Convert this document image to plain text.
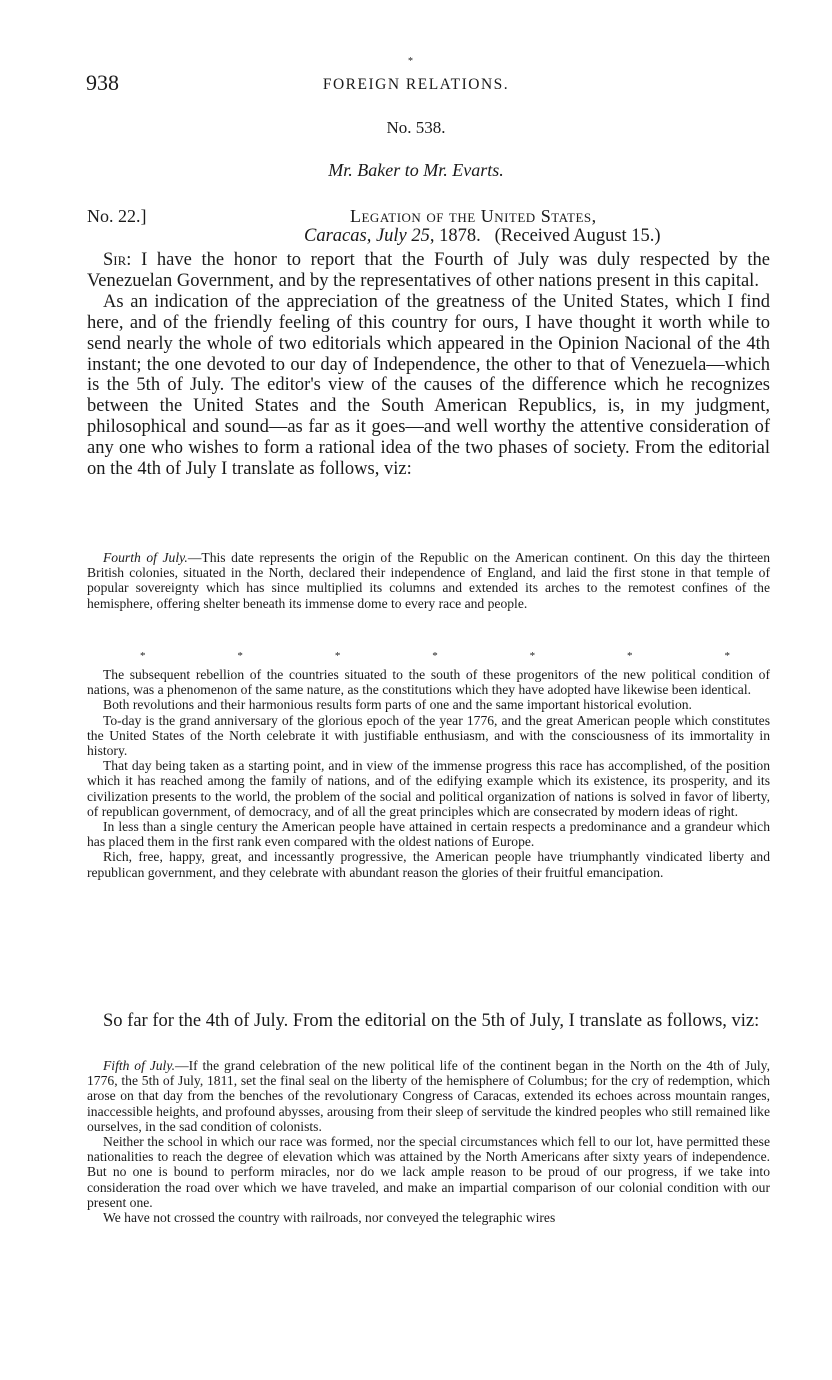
938
*
FOREIGN RELATIONS.
No. 538.
Mr. Baker to Mr. Evarts.
No. 22.]	Legation of the United States,
Caracas, July 25, 1878.   (Received August 15.)

Sir: I have the honor to report that the Fourth of July was duly respected by the Venezuelan Government, and by the representatives of other nations present in this capital.

As an indication of the appreciation of the greatness of the United States, which I find here, and of the friendly feeling of this country for ours, I have thought it worth while to send nearly the whole of two editorials which appeared in the Opinion Nacional of the 4th instant; the one devoted to our day of Independence, the other to that of Venezuela—which is the 5th of July. The editor's view of the causes of the difference which he recognizes between the United States and the South American Republics, is, in my judgment, philosophical and sound—as far as it goes—and well worthy the attentive consideration of any one who wishes to form a rational idea of the two phases of society. From the editorial on the 4th of July I translate as follows, viz:

Fourth of July.—This date represents the origin of the Republic on the American continent. On this day the thirteen British colonies, situated in the North, declared their independence of England, and laid the first stone in that temple of popular sovereignty which has since multiplied its columns and extended its arches to the remotest confines of the hemisphere, offering shelter beneath its immense dome to every race and people.

*	*	*	*	*	*	*

The subsequent rebellion of the countries situated to the south of these progenitors of the new political condition of nations, was a phenomenon of the same nature, as the constitutions which they have adopted have likewise been identical.

Both revolutions and their harmonious results form parts of one and the same important historical evolution.

To-day is the grand anniversary of the glorious epoch of the year 1776, and the great American people which constitutes the United States of the North celebrate it with justifiable enthusiasm, and with the consciousness of its immortality in history.

That day being taken as a starting point, and in view of the immense progress this race has accomplished, of the position which it has reached among the family of nations, and of the edifying example which its existence, its prosperity, and its civilization presents to the world, the problem of the social and political organization of nations is solved in favor of liberty, of republican government, of democracy, and of all the great principles which are consecrated by modern ideas of right.

In less than a single century the American people have attained in certain respects a predominance and a grandeur which has placed them in the first rank even compared with the oldest nations of Europe.

Rich, free, happy, great, and incessantly progressive, the American people have triumphantly vindicated liberty and republican government, and they celebrate with abundant reason the glories of their fruitful emancipation.

So far for the 4th of July. From the editorial on the 5th of July, I translate as follows, viz:

Fifth of July.—If the grand celebration of the new political life of the continent began in the North on the 4th of July, 1776, the 5th of July, 1811, set the final seal on the liberty of the hemisphere of Columbus; for the cry of redemption, which arose on that day from the benches of the revolutionary Congress of Caracas, extended its echoes across mountain ranges, inaccessible heights, and profound abysses, arousing from their sleep of servitude the kindred peoples who still remained like ourselves, in the sad condition of colonists.

Neither the school in which our race was formed, nor the special circumstances which fell to our lot, have permitted these nationalities to reach the degree of elevation which was attained by the North Americans after sixty years of independence. But no one is bound to perform miracles, nor do we lack ample reason to be proud of our progress, if we take into consideration the road over which we have traveled, and make an impartial comparison of our colonial condition with our present one.

We have not crossed the country with railroads, nor conveyed the telegraphic wires
